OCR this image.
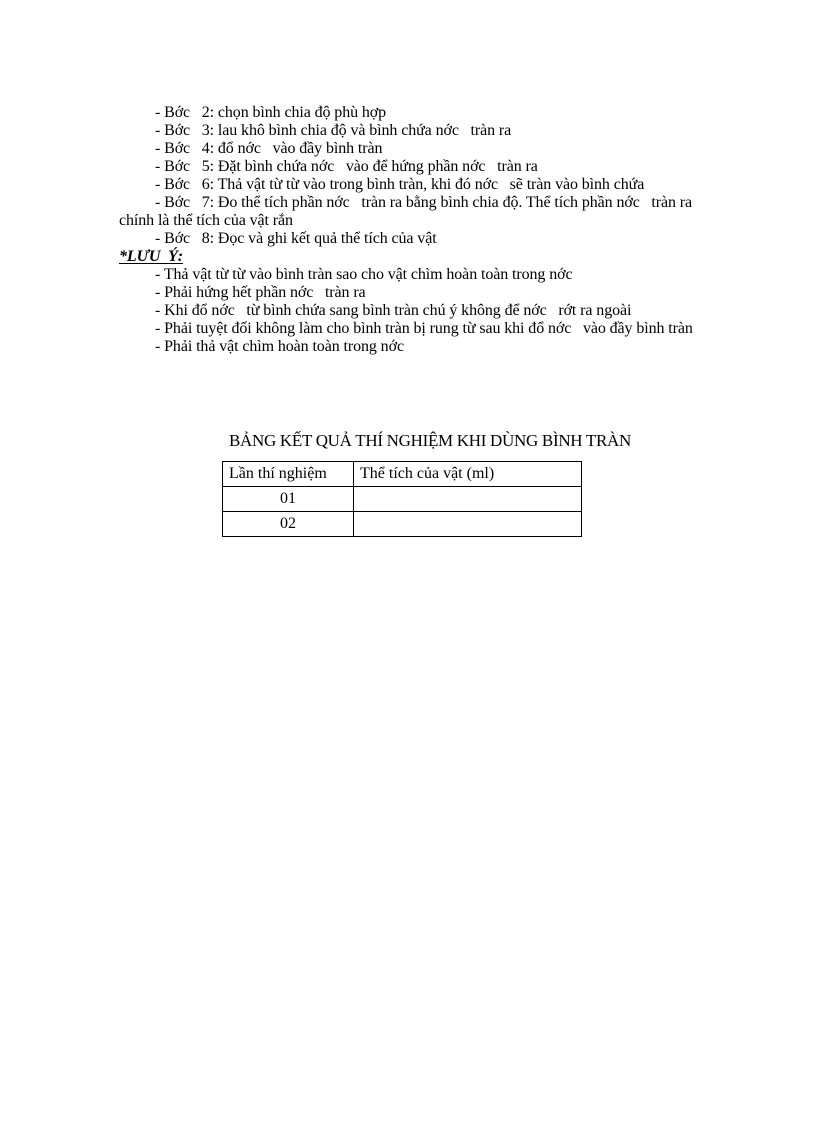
- Bớc   2: chọn bình chia độ phù hợp

- Bớc   3: lau khô bình chia độ và bình chứa nớc   tràn ra

- Bớc   4: đổ nớc   vào đầy bình tràn

- Bớc   5: Đặt bình chứa nớc   vào để hứng phần nớc   tràn ra

- Bớc   6: Thả vật từ từ vào trong bình tràn, khi đó nớc   sẽ tràn vào bình chứa

- Bớc   7: Đo thể tích phần nớc   tràn ra bằng bình chia độ. Thể tích phần nớc   tràn ra chính là thể tích của vật rắn

- Bớc   8: Đọc và ghi kết quả thể tích của vật

*LƯU  Ý:

- Thả vật từ từ vào bình tràn sao cho vật chìm hoàn toàn trong nớc

- Phải hứng hết phần nớc   tràn ra

- Khi đổ nớc   từ bình chứa sang bình tràn chú ý không để nớc   rớt ra ngoài

- Phải tuyệt đối không làm cho bình tràn bị rung từ sau khi đổ nớc   vào đầy bình tràn

- Phải thả vật chìm hoàn toàn trong nớc

BẢNG KẾT QUẢ THÍ NGHIỆM KHI DÙNG BÌNH TRÀN
Lần thí nghiệm	Thể tích của vật (ml)
01	
02	
